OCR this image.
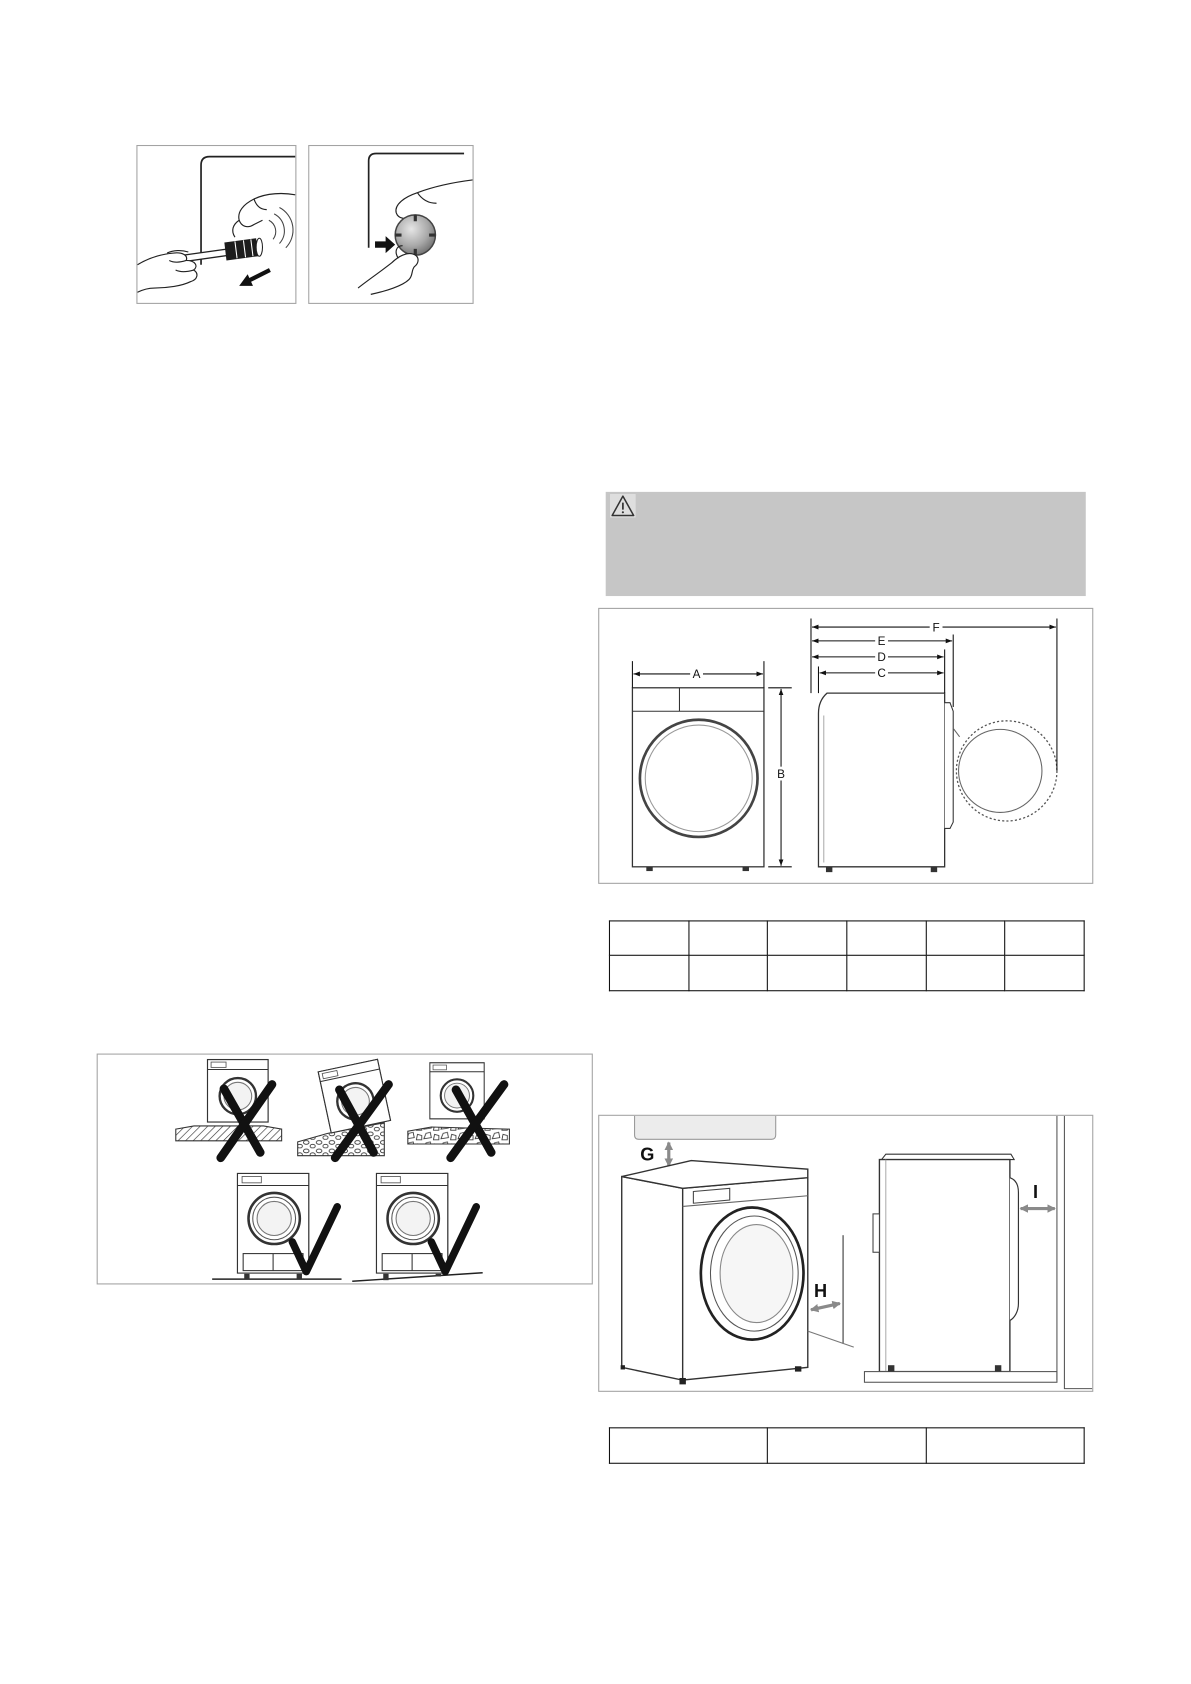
A
B
F
E
D
C

G
H
I
